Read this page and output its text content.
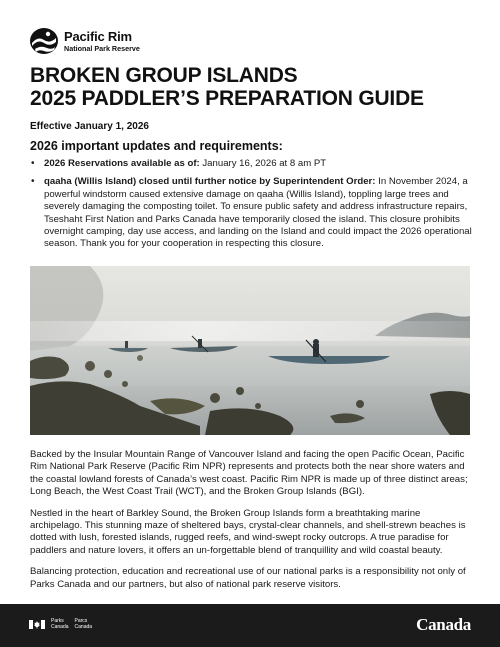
Pacific Rim
National Park Reserve
BROKEN GROUP ISLANDS
2025 PADDLER’S PREPARATION GUIDE
Effective January 1, 2026
2026 important updates and requirements:
• 2026 Reservations available as of: January 16, 2026 at 8 am PT
• qaaha (Willis Island) closed until further notice by Superintendent Order: In November 2024, a powerful windstorm caused extensive damage on qaaha (Willis Island), toppling large trees and severely damaging the composting toilet. To ensure public safety and address infrastructure repairs, Tseshaht First Nation and Parks Canada have temporarily closed the island. This closure prohibits overnight camping, day use access, and landing on the Island and could impact the 2026 operational season. Thank you for your cooperation in respecting this closure.

Backed by the Insular Mountain Range of Vancouver Island and facing the open Pacific Ocean, Pacific Rim National Park Reserve (Pacific Rim NPR) represents and protects both the near shore waters and the coastal lowland forests of Canada’s west coast. Pacific Rim NPR is made up of three distinct areas; Long Beach, the West Coast Trail (WCT), and the Broken Group Islands (BGI).

Nestled in the heart of Barkley Sound, the Broken Group Islands form a breathtaking marine archipelago. This stunning maze of sheltered bays, crystal-clear channels, and shell-strewn beaches is dotted with lush, forested islands, rugged reefs, and wind-swept rocky outcrops. A true paradise for paddlers and nature lovers, it offers an un-forgettable blend of tranquillity and wild coastal beauty.

Balancing protection, education and recreational use of our national parks is a responsibility not only of Parks Canada and our partners, but also of national park reserve visitors.

Parks
CanadaParcs
Canada	Canada
